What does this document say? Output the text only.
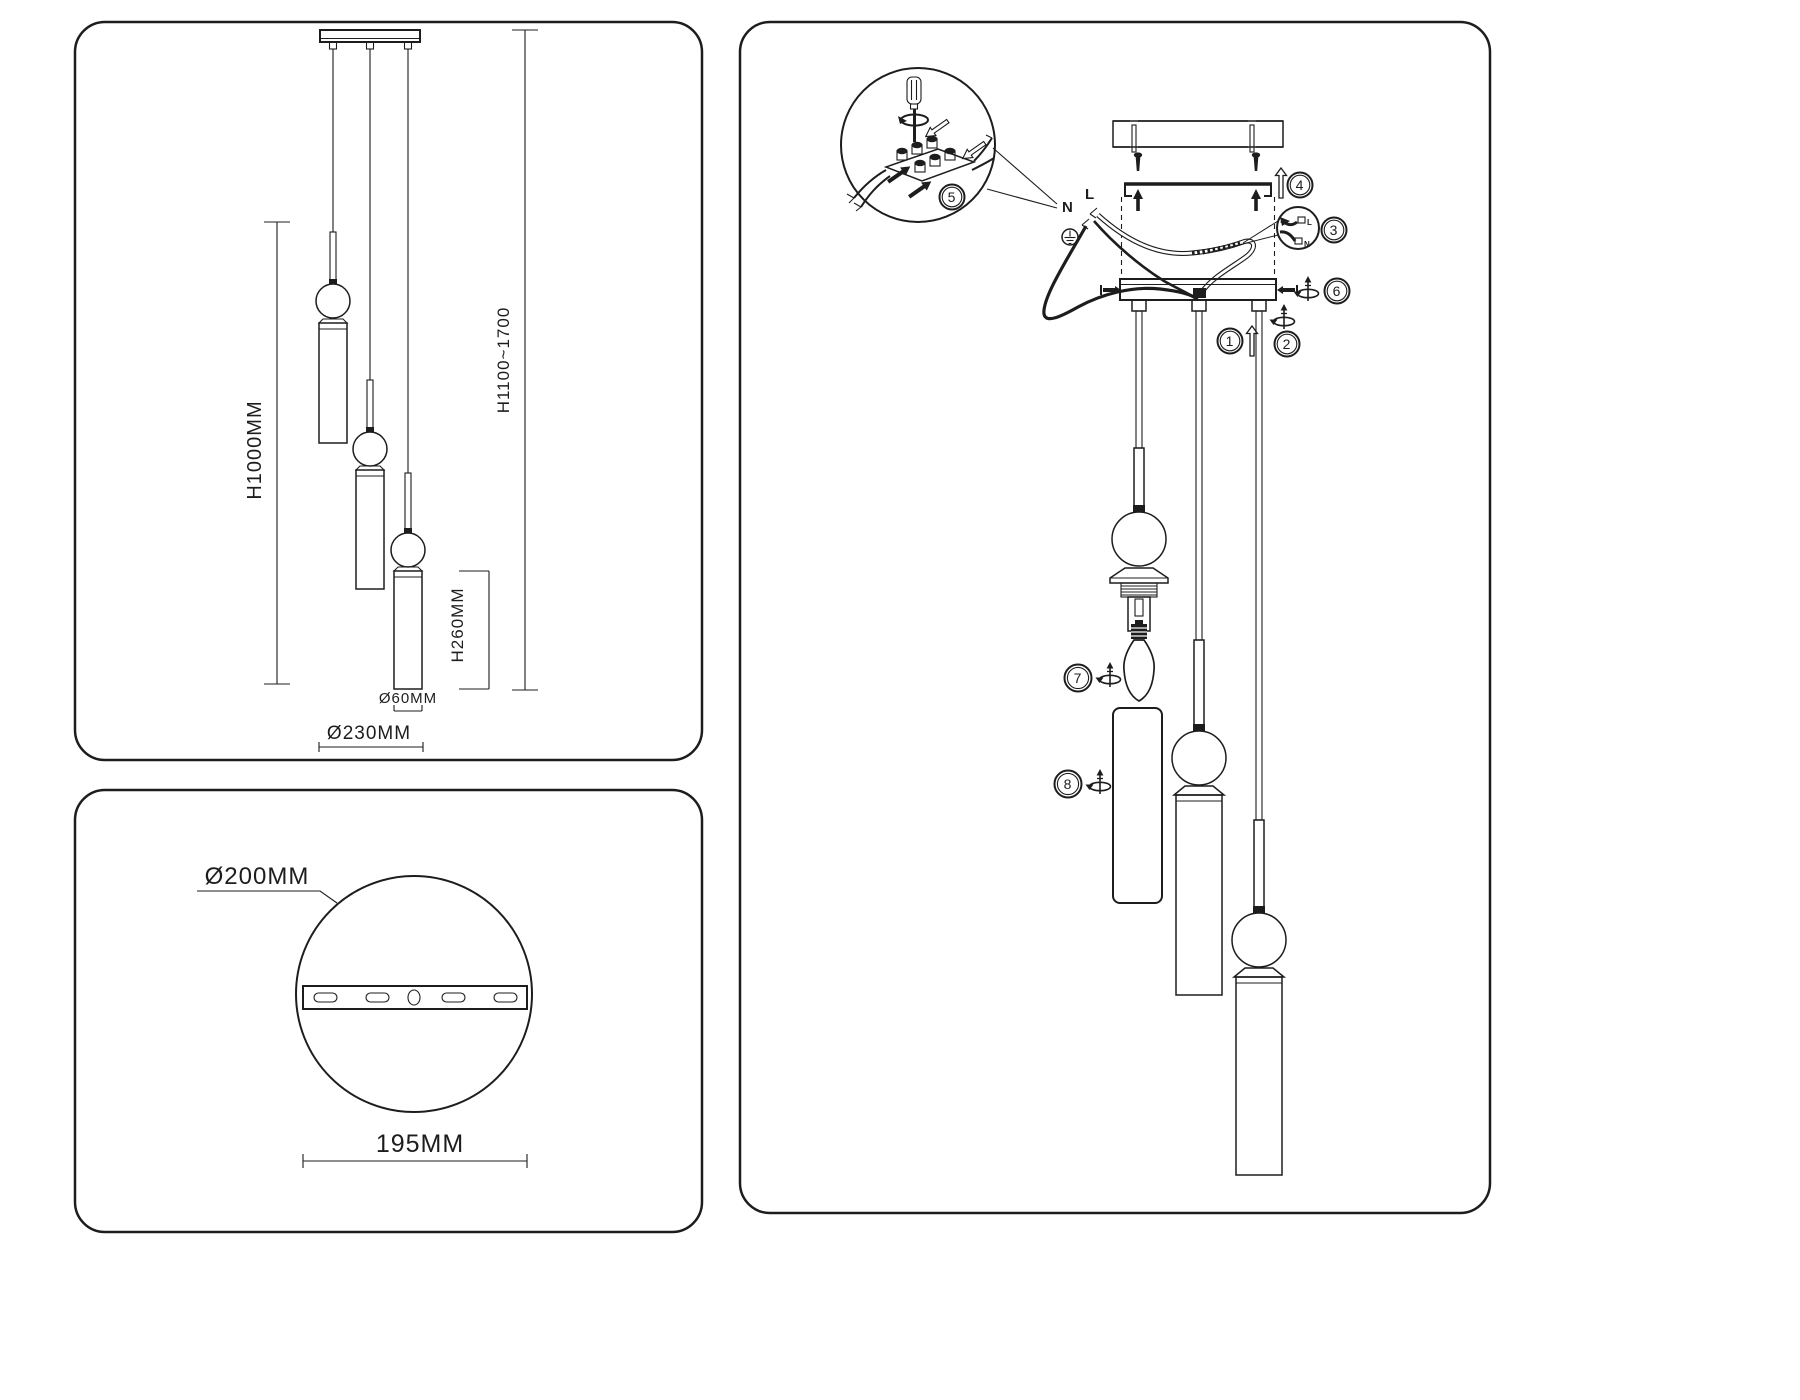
H1000MM
H1100~1700
H260MM
Ø60MM
Ø230MM
Ø200MM
195MM
5
4
L
N
L
N
3
6
1	2
7
8
